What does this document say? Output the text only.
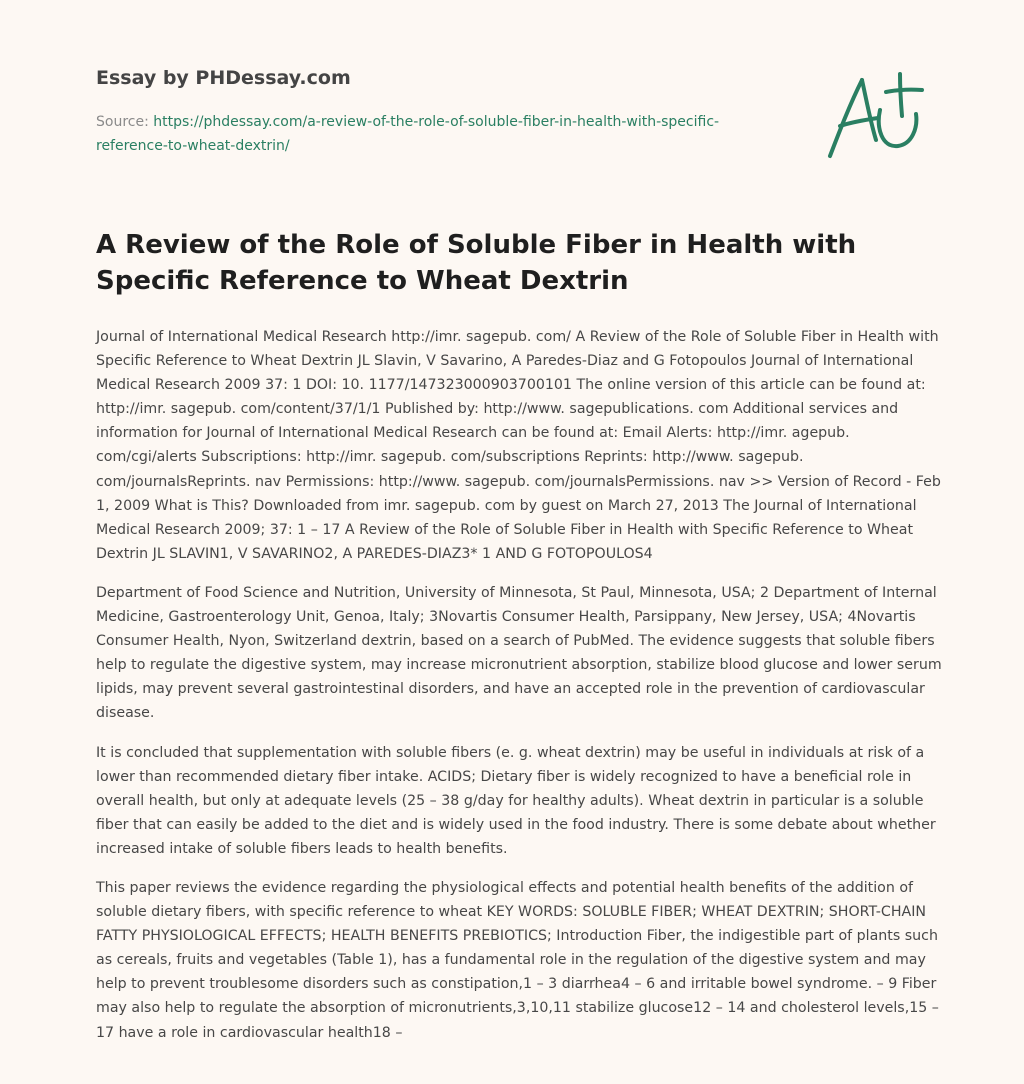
Essay by PHDessay.com
Source: https://phdessay.com/a-review-of-the-role-of-soluble-fiber-in-health-with-specific-reference-to-wheat-dextrin/
A Review of the Role of Soluble Fiber in Health with Specific Reference to Wheat Dextrin

Journal of International Medical Research http://imr. sagepub. com/ A Review of the Role of Soluble Fiber in Health with Specific Reference to Wheat Dextrin JL Slavin, V Savarino, A Paredes-Diaz and G Fotopoulos Journal of International Medical Research 2009 37: 1 DOI: 10. 1177/147323000903700101 The online version of this article can be found at: http://imr. sagepub. com/content/37/1/1 Published by: http://www. sagepublications. com Additional services and information for Journal of International Medical Research can be found at: Email Alerts: http://imr. agepub. com/cgi/alerts Subscriptions: http://imr. sagepub. com/subscriptions Reprints: http://www. sagepub. com/journalsReprints. nav Permissions: http://www. sagepub. com/journalsPermissions. nav >> Version of Record - Feb 1, 2009 What is This? Downloaded from imr. sagepub. com by guest on March 27, 2013 The Journal of International Medical Research 2009; 37: 1 – 17 A Review of the Role of Soluble Fiber in Health with Specific Reference to Wheat Dextrin JL SLAVIN1, V SAVARINO2, A PAREDES-DIAZ3* 1 AND G FOTOPOULOS4

Department of Food Science and Nutrition, University of Minnesota, St Paul, Minnesota, USA; 2 Department of Internal Medicine, Gastroenterology Unit, Genoa, Italy; 3Novartis Consumer Health, Parsippany, New Jersey, USA; 4Novartis Consumer Health, Nyon, Switzerland dextrin, based on a search of PubMed. The evidence suggests that soluble fibers help to regulate the digestive system, may increase micronutrient absorption, stabilize blood glucose and lower serum lipids, may prevent several gastrointestinal disorders, and have an accepted role in the prevention of cardiovascular disease.

It is concluded that supplementation with soluble fibers (e. g. wheat dextrin) may be useful in individuals at risk of a lower than recommended dietary fiber intake. ACIDS; Dietary fiber is widely recognized to have a beneficial role in overall health, but only at adequate levels (25 – 38 g/day for healthy adults). Wheat dextrin in particular is a soluble fiber that can easily be added to the diet and is widely used in the food industry. There is some debate about whether increased intake of soluble fibers leads to health benefits.

This paper reviews the evidence regarding the physiological effects and potential health benefits of the addition of soluble dietary fibers, with specific reference to wheat KEY WORDS: SOLUBLE FIBER; WHEAT DEXTRIN; SHORT-CHAIN FATTY PHYSIOLOGICAL EFFECTS; HEALTH BENEFITS PREBIOTICS; Introduction Fiber, the indigestible part of plants such as cereals, fruits and vegetables (Table 1), has a fundamental role in the regulation of the digestive system and may help to prevent troublesome disorders such as constipation,1 – 3 diarrhea4 – 6 and irritable bowel syndrome. – 9 Fiber may also help to regulate the absorption of micronutrients,3,10,11 stabilize glucose12 – 14 and cholesterol levels,15 – 17 have a role in cardiovascular health18 –
